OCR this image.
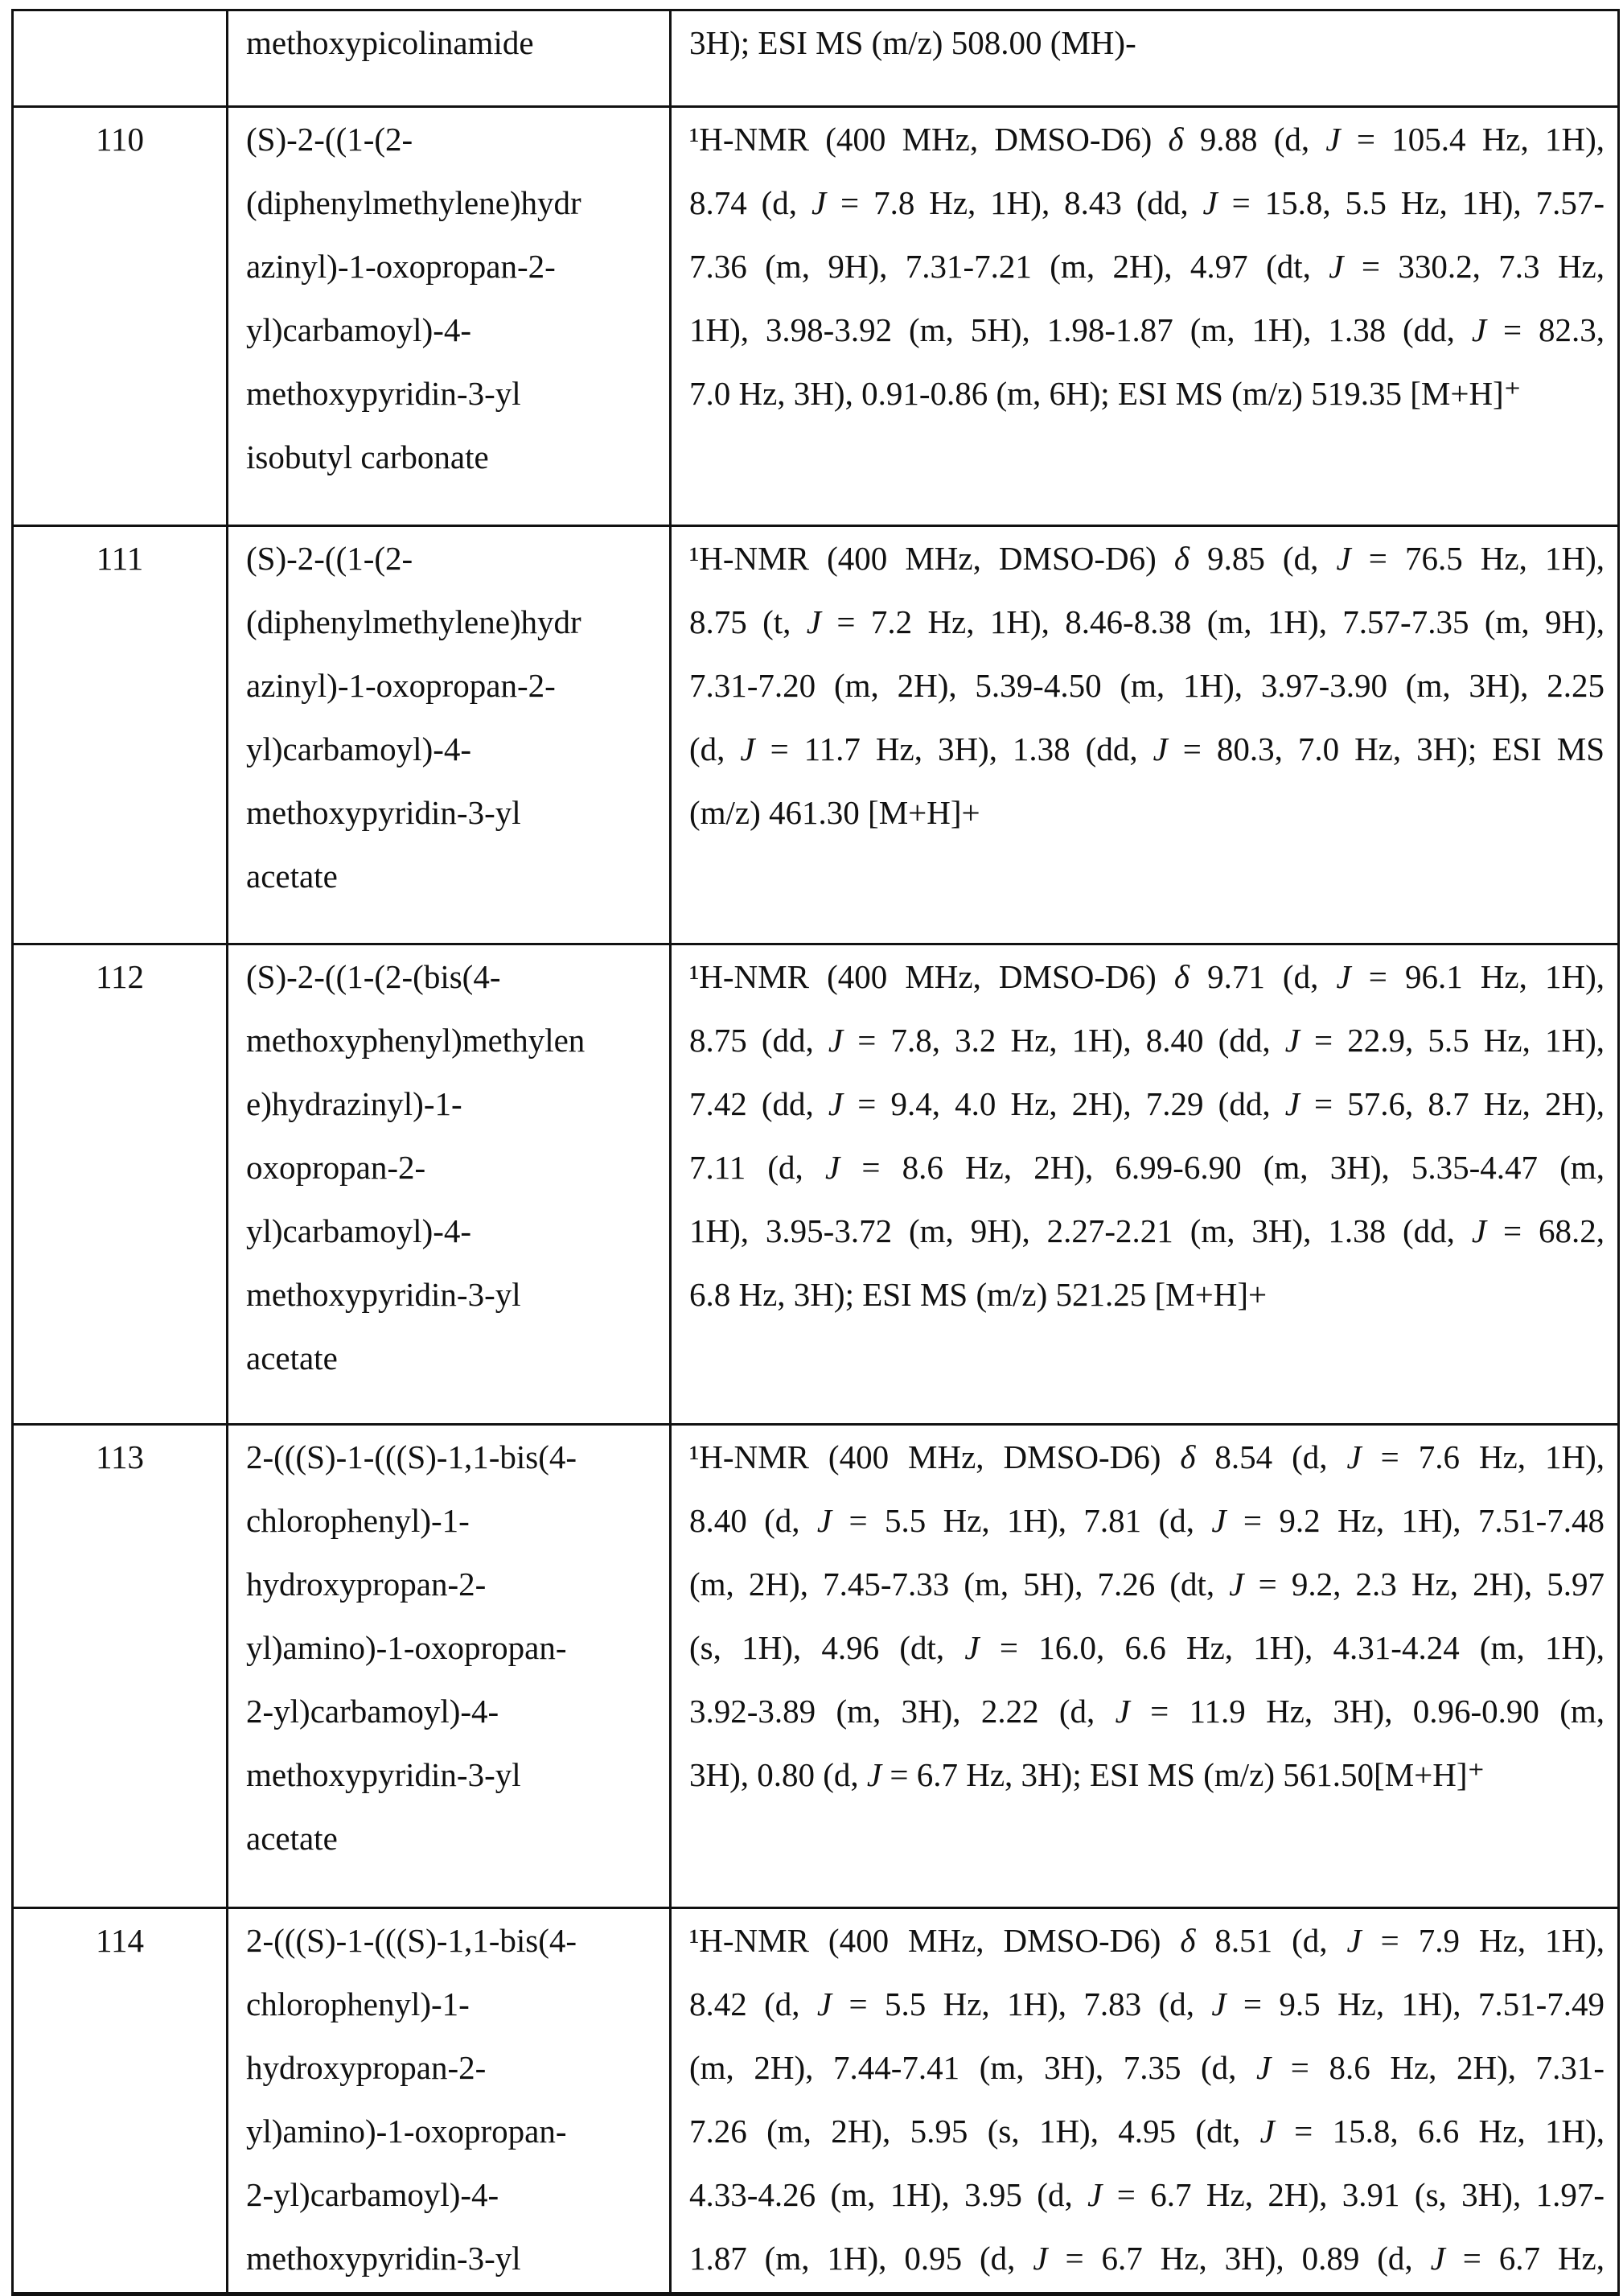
methoxypicolinamide	3H); ESI MS (m/z) 508.00 (MH)-

110	(S)-2-((1-(2-
(diphenylmethylene)hydr
azinyl)-1-oxopropan-2-
yl)carbamoyl)-4-
methoxypyridin-3-yl
isobutyl carbonate

¹H-NMR (400 MHz, DMSO-D6) δ 9.88 (d, J = 105.4 Hz, 1H),
8.74 (d, J = 7.8 Hz, 1H), 8.43 (dd, J = 15.8, 5.5 Hz, 1H), 7.57-
7.36 (m, 9H), 7.31-7.21 (m, 2H), 4.97 (dt, J = 330.2, 7.3 Hz,
1H), 3.98-3.92 (m, 5H), 1.98-1.87 (m, 1H), 1.38 (dd, J = 82.3,
7.0 Hz, 3H), 0.91-0.86 (m, 6H); ESI MS (m/z) 519.35 [M+H]⁺

111	(S)-2-((1-(2-
(diphenylmethylene)hydr
azinyl)-1-oxopropan-2-
yl)carbamoyl)-4-
methoxypyridin-3-yl
acetate

¹H-NMR (400 MHz, DMSO-D6) δ 9.85 (d, J = 76.5 Hz, 1H),
8.75 (t, J = 7.2 Hz, 1H), 8.46-8.38 (m, 1H), 7.57-7.35 (m, 9H),
7.31-7.20 (m, 2H), 5.39-4.50 (m, 1H), 3.97-3.90 (m, 3H), 2.25
(d, J = 11.7 Hz, 3H), 1.38 (dd, J = 80.3, 7.0 Hz, 3H); ESI MS
(m/z) 461.30 [M+H]+

112	(S)-2-((1-(2-(bis(4-
methoxyphenyl)methylen
e)hydrazinyl)-1-
oxopropan-2-
yl)carbamoyl)-4-
methoxypyridin-3-yl
acetate

¹H-NMR (400 MHz, DMSO-D6) δ 9.71 (d, J = 96.1 Hz, 1H),
8.75 (dd, J = 7.8, 3.2 Hz, 1H), 8.40 (dd, J = 22.9, 5.5 Hz, 1H),
7.42 (dd, J = 9.4, 4.0 Hz, 2H), 7.29 (dd, J = 57.6, 8.7 Hz, 2H),
7.11 (d, J = 8.6 Hz, 2H), 6.99-6.90 (m, 3H), 5.35-4.47 (m,
1H), 3.95-3.72 (m, 9H), 2.27-2.21 (m, 3H), 1.38 (dd, J = 68.2,
6.8 Hz, 3H); ESI MS (m/z) 521.25 [M+H]+

113	2-(((S)-1-(((S)-1,1-bis(4-
chlorophenyl)-1-
hydroxypropan-2-
yl)amino)-1-oxopropan-
2-yl)carbamoyl)-4-
methoxypyridin-3-yl
acetate

¹H-NMR (400 MHz, DMSO-D6) δ 8.54 (d, J = 7.6 Hz, 1H),
8.40 (d, J = 5.5 Hz, 1H), 7.81 (d, J = 9.2 Hz, 1H), 7.51-7.48
(m, 2H), 7.45-7.33 (m, 5H), 7.26 (dt, J = 9.2, 2.3 Hz, 2H), 5.97
(s, 1H), 4.96 (dt, J = 16.0, 6.6 Hz, 1H), 4.31-4.24 (m, 1H),
3.92-3.89 (m, 3H), 2.22 (d, J = 11.9 Hz, 3H), 0.96-0.90 (m,
3H), 0.80 (d, J = 6.7 Hz, 3H); ESI MS (m/z) 561.50[M+H]⁺

114	2-(((S)-1-(((S)-1,1-bis(4-
chlorophenyl)-1-
hydroxypropan-2-
yl)amino)-1-oxopropan-
2-yl)carbamoyl)-4-
methoxypyridin-3-yl

¹H-NMR (400 MHz, DMSO-D6) δ 8.51 (d, J = 7.9 Hz, 1H),
8.42 (d, J = 5.5 Hz, 1H), 7.83 (d, J = 9.5 Hz, 1H), 7.51-7.49
(m, 2H), 7.44-7.41 (m, 3H), 7.35 (d, J = 8.6 Hz, 2H), 7.31-
7.26 (m, 2H), 5.95 (s, 1H), 4.95 (dt, J = 15.8, 6.6 Hz, 1H),
4.33-4.26 (m, 1H), 3.95 (d, J = 6.7 Hz, 2H), 3.91 (s, 3H), 1.97-
1.87 (m, 1H), 0.95 (d, J = 6.7 Hz, 3H), 0.89 (d, J = 6.7 Hz,
